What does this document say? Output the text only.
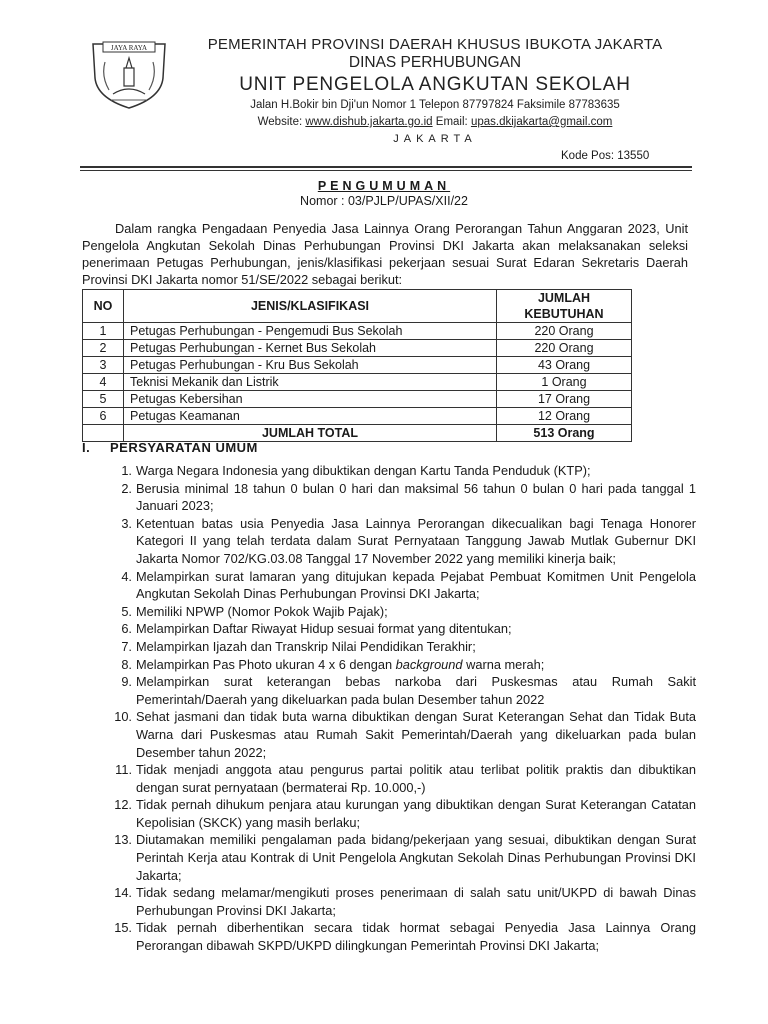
JAYA RAYA	PEMERINTAH PROVINSI DAERAH KHUSUS IBUKOTA JAKARTA
DINAS PERHUBUNGAN
UNIT PENGELOLA ANGKUTAN SEKOLAH
Jalan H.Bokir bin Dji'un Nomor 1 Telepon 87797824 Faksimile 87783635
Website: www.dishub.jakarta.go.id Email: upas.dkijakarta@gmail.com
JAKARTA
Kode Pos: 13550
PENGUMUMAN
Nomor : 03/PJLP/UPAS/XII/22

Dalam rangka Pengadaan Penyedia Jasa Lainnya Orang Perorangan Tahun Anggaran 2023, Unit Pengelola Angkutan Sekolah Dinas Perhubungan Provinsi DKI Jakarta akan melaksanakan seleksi penerimaan Petugas Perhubungan, jenis/klasifikasi pekerjaan sesuai Surat Edaran Sekretaris Daerah Provinsi DKI Jakarta nomor 51/SE/2022 sebagai berikut:

NO	JENIS/KLASIFIKASI	JUMLAH KEBUTUHAN
1	Petugas Perhubungan - Pengemudi Bus Sekolah	220 Orang
2	Petugas Perhubungan - Kernet Bus Sekolah	220 Orang
3	Petugas Perhubungan - Kru Bus Sekolah	43 Orang
4	Teknisi Mekanik dan Listrik	1 Orang
5	Petugas Kebersihan	17 Orang
6	Petugas Keamanan	12 Orang
	JUMLAH TOTAL	513 Orang
I. PERSYARATAN UMUM
1. Warga Negara Indonesia yang dibuktikan dengan Kartu Tanda Penduduk (KTP);
2. Berusia minimal 18 tahun 0 bulan 0 hari dan maksimal 56 tahun 0 bulan 0 hari pada tanggal 1 Januari 2023;
3. Ketentuan batas usia Penyedia Jasa Lainnya Perorangan dikecualikan bagi Tenaga Honorer Kategori II yang telah terdata dalam Surat Pernyataan Tanggung Jawab Mutlak Gubernur DKI Jakarta Nomor 702/KG.03.08 Tanggal 17 November 2022 yang memiliki kinerja baik;
4. Melampirkan surat lamaran yang ditujukan kepada Pejabat Pembuat Komitmen Unit Pengelola Angkutan Sekolah Dinas Perhubungan Provinsi DKI Jakarta;
5. Memiliki NPWP (Nomor Pokok Wajib Pajak);
6. Melampirkan Daftar Riwayat Hidup sesuai format yang ditentukan;
7. Melampirkan Ijazah dan Transkrip Nilai Pendidikan Terakhir;
8. Melampirkan Pas Photo ukuran 4 x 6 dengan background warna merah;
9. Melampirkan surat keterangan bebas narkoba dari Puskesmas atau Rumah Sakit Pemerintah/Daerah yang dikeluarkan pada bulan Desember tahun 2022
10. Sehat jasmani dan tidak buta warna dibuktikan dengan Surat Keterangan Sehat dan Tidak Buta Warna dari Puskesmas atau Rumah Sakit Pemerintah/Daerah yang dikeluarkan pada bulan Desember tahun 2022;
11. Tidak menjadi anggota atau pengurus partai politik atau terlibat politik praktis dan dibuktikan dengan surat pernyataan (bermaterai Rp. 10.000,-)
12. Tidak pernah dihukum penjara atau kurungan yang dibuktikan dengan Surat Keterangan Catatan Kepolisian (SKCK) yang masih berlaku;
13. Diutamakan memiliki pengalaman pada bidang/pekerjaan yang sesuai, dibuktikan dengan Surat Perintah Kerja atau Kontrak di Unit Pengelola Angkutan Sekolah Dinas Perhubungan Provinsi DKI Jakarta;
14. Tidak sedang melamar/mengikuti proses penerimaan di salah satu unit/UKPD di bawah Dinas Perhubungan Provinsi DKI Jakarta;
15. Tidak pernah diberhentikan secara tidak hormat sebagai Penyedia Jasa Lainnya Orang Perorangan dibawah SKPD/UKPD dilingkungan Pemerintah Provinsi DKI Jakarta;
